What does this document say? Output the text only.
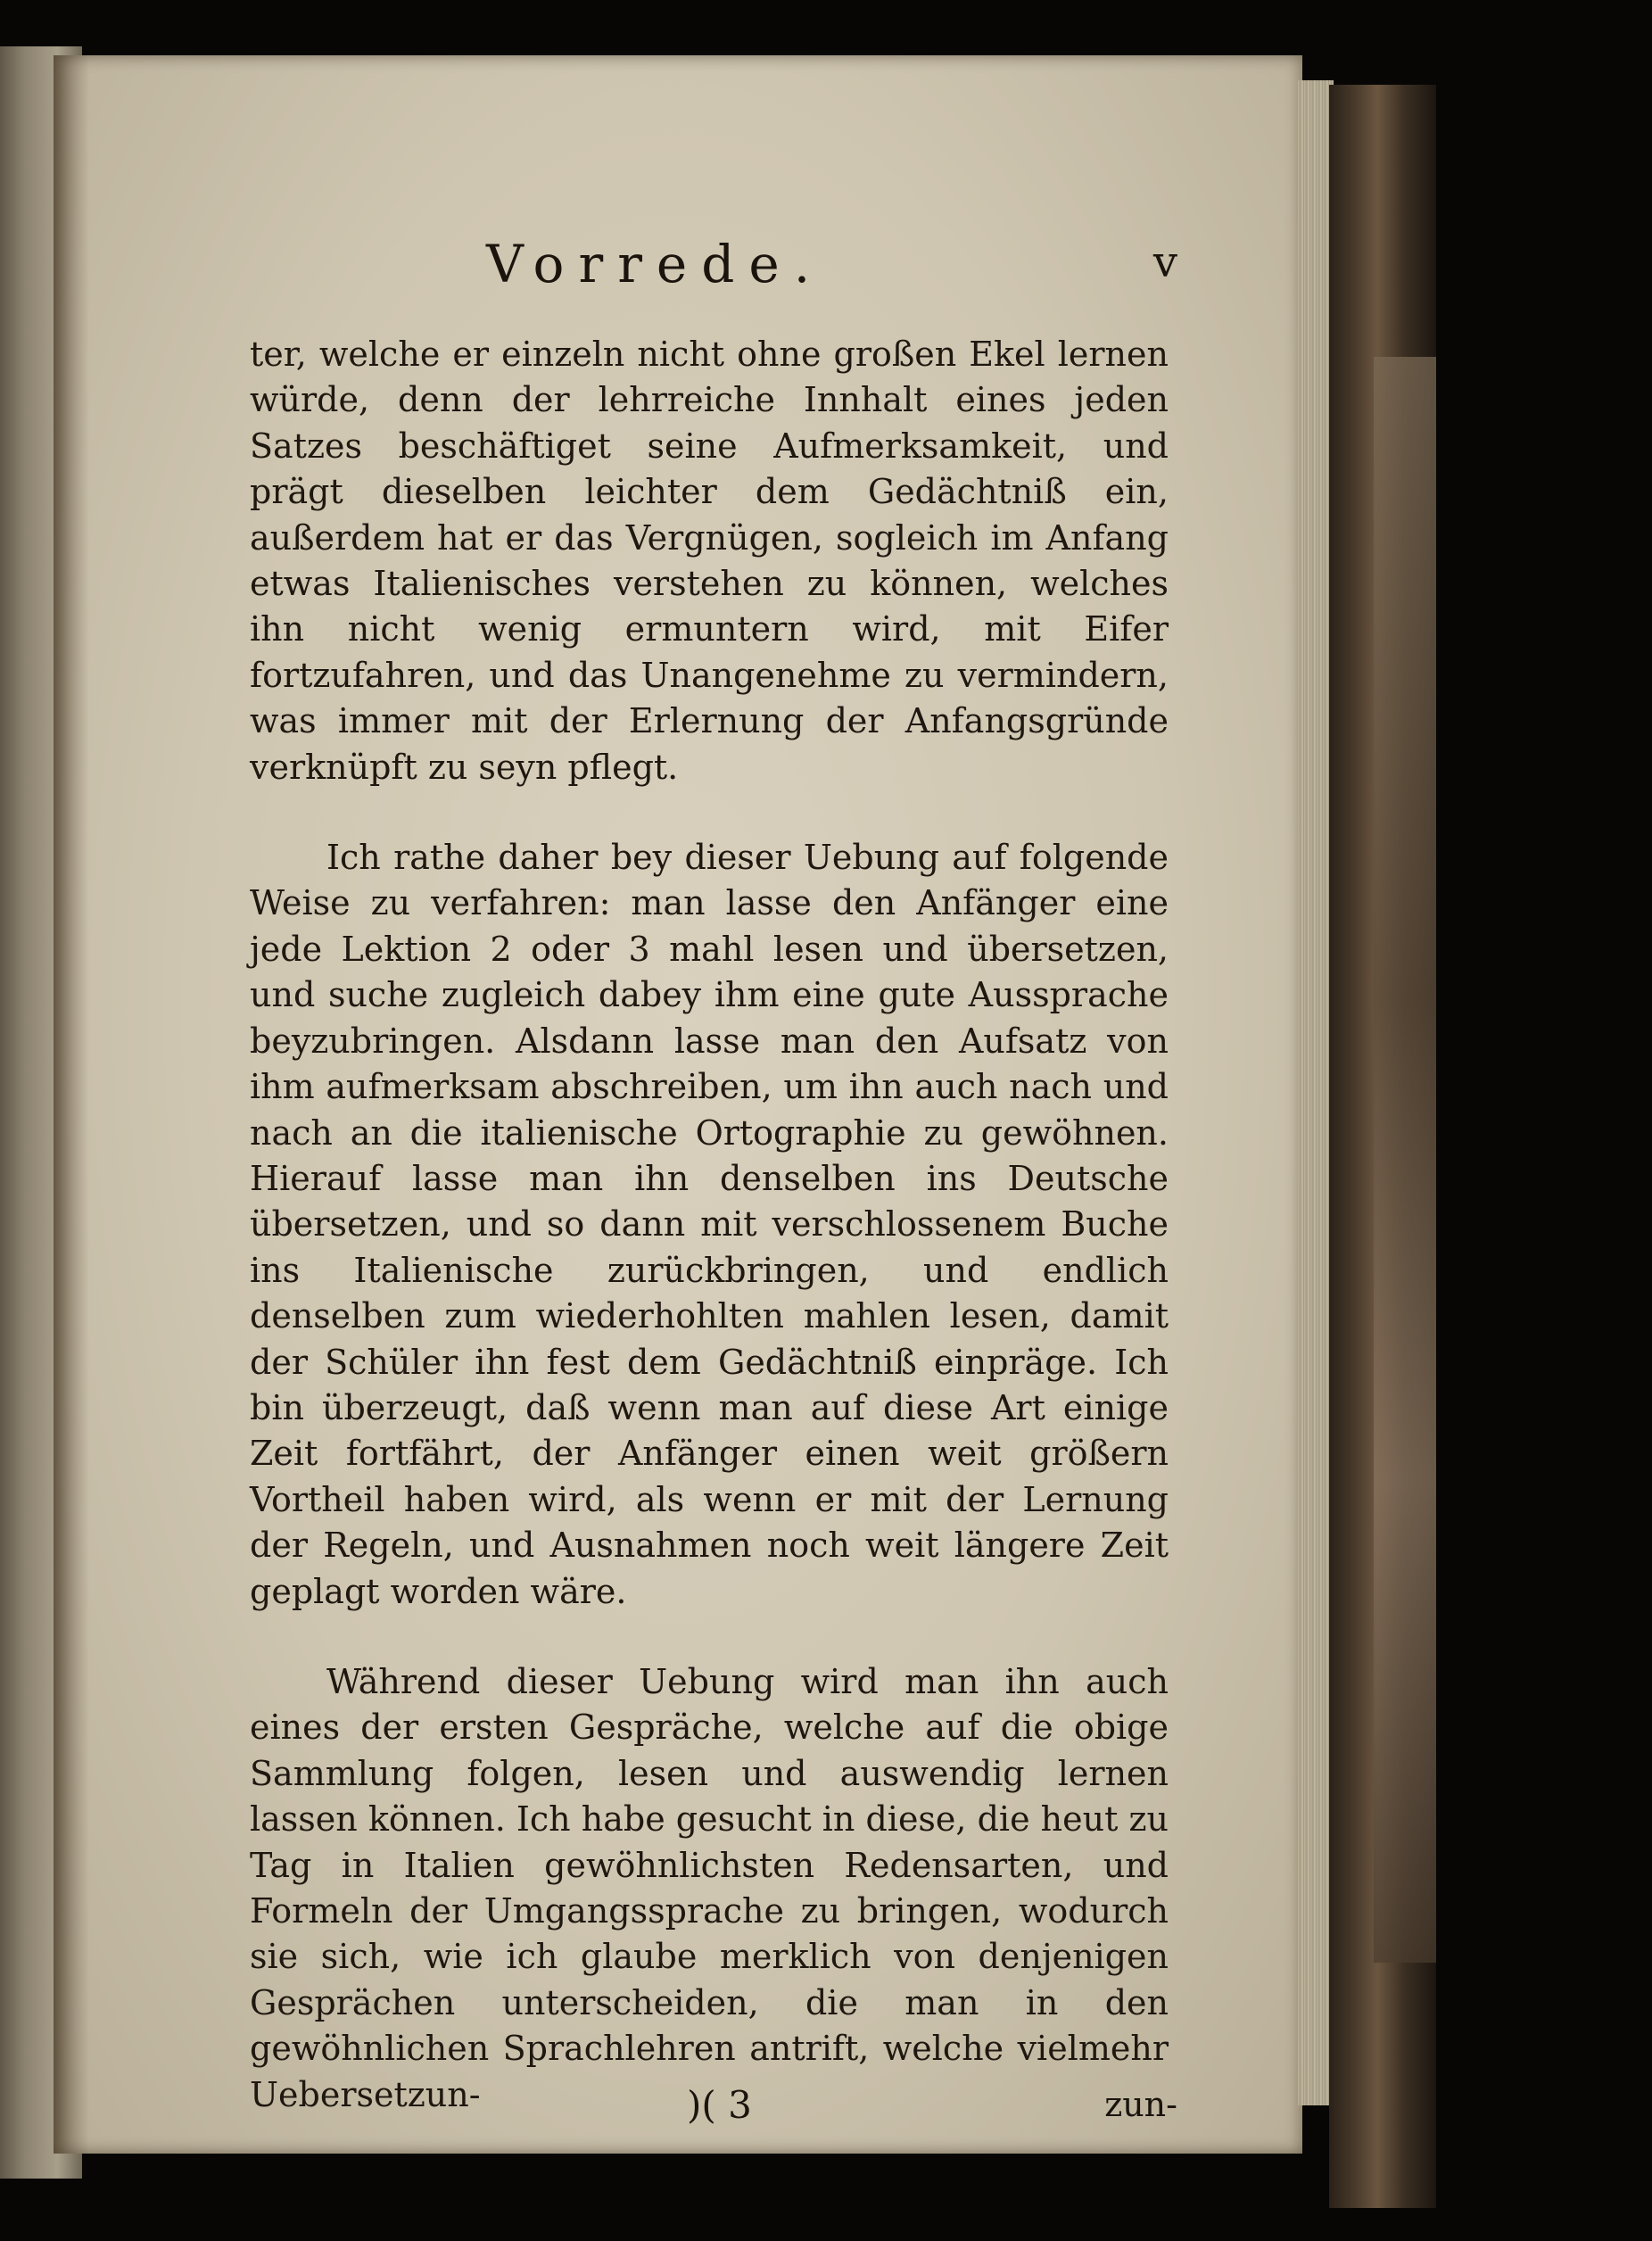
Vorrede.	v

ter, welche er einzeln nicht ohne großen Ekel lernen würde, denn der lehrreiche Innhalt eines jeden Satzes beschäftiget seine Aufmerksamkeit, und prägt dieselben leichter dem Gedächtniß ein, außerdem hat er das Vergnügen, sogleich im Anfang etwas Italienisches verstehen zu können, welches ihn nicht wenig ermuntern wird, mit Eifer fortzufahren, und das Unangenehme zu vermindern, was immer mit der Erlernung der Anfangsgründe verknüpft zu seyn pflegt.

Ich rathe daher bey dieser Uebung auf folgende Weise zu verfahren: man lasse den Anfänger eine jede Lektion 2 oder 3 mahl lesen und übersetzen, und suche zugleich dabey ihm eine gute Aussprache beyzubringen. Alsdann lasse man den Aufsatz von ihm aufmerksam abschreiben, um ihn auch nach und nach an die italienische Ortographie zu gewöhnen. Hierauf lasse man ihn denselben ins Deutsche übersetzen, und so dann mit verschlossenem Buche ins Italienische zurückbringen, und endlich denselben zum wiederhohlten mahlen lesen, damit der Schüler ihn fest dem Gedächtniß einpräge. Ich bin überzeugt, daß wenn man auf diese Art einige Zeit fortfährt, der Anfänger einen weit größern Vortheil haben wird, als wenn er mit der Lernung der Regeln, und Ausnahmen noch weit längere Zeit geplagt worden wäre.

Während dieser Uebung wird man ihn auch eines der ersten Gespräche, welche auf die obige Sammlung folgen, lesen und auswendig lernen lassen können. Ich habe gesucht in diese, die heut zu Tag in Italien gewöhnlichsten Redensarten, und Formeln der Umgangssprache zu bringen, wodurch sie sich, wie ich glaube merklich von denjenigen Gesprächen unterscheiden, die man in den gewöhnlichen Sprachlehren antrift, welche vielmehr Uebersetzun-	)( 3	zun-
